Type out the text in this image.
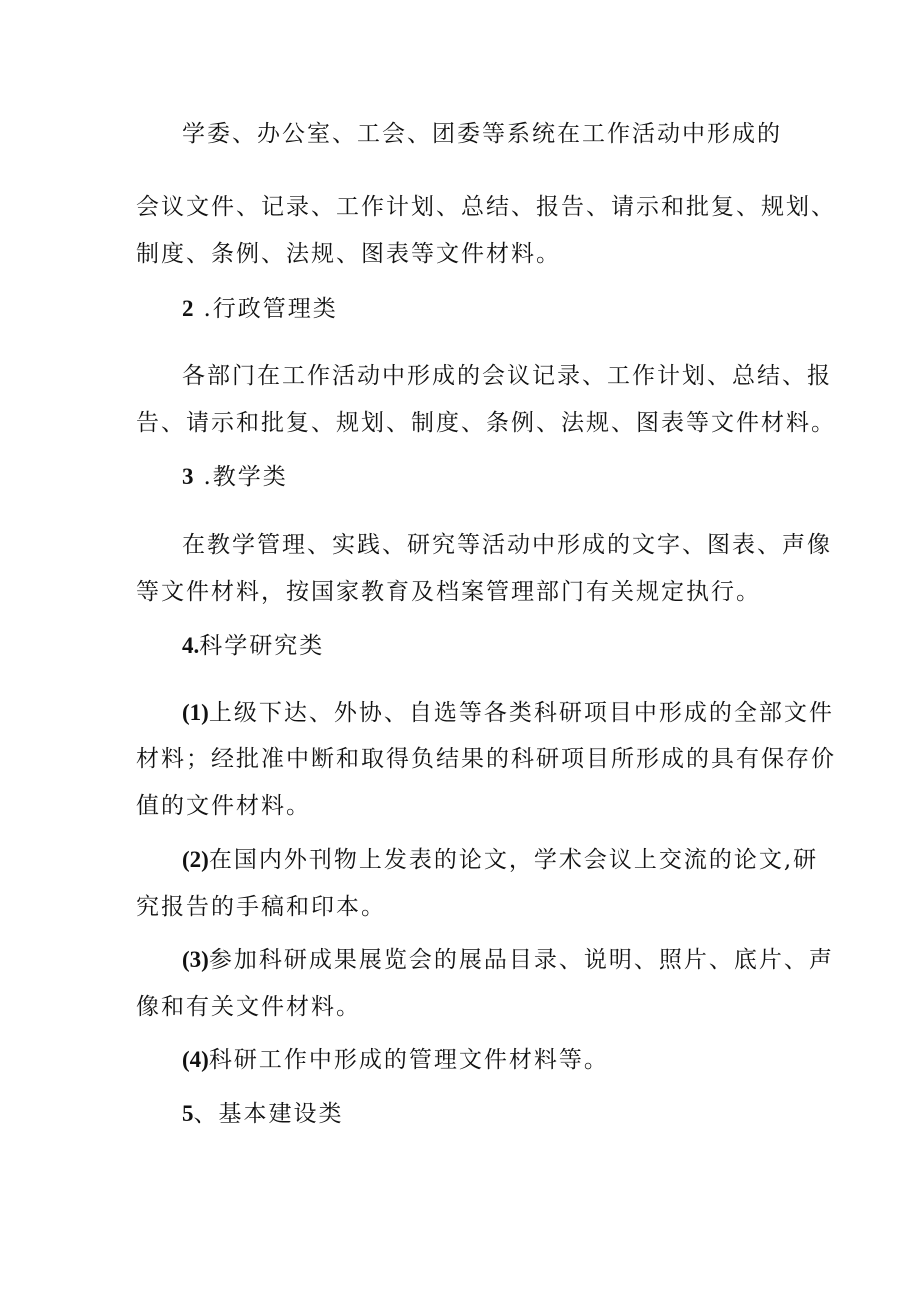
学委、办公室、工会、团委等系统在工作活动中形成的
会议文件、记录、工作计划、总结、报告、请示和批复、规划、
制度、条例、法规、图表等文件材料。
2 .行政管理类
各部门在工作活动中形成的会议记录、工作计划、总结、报
告、请示和批复、规划、制度、条例、法规、图表等文件材料。
3 .教学类
在教学管理、实践、研究等活动中形成的文字、图表、声像
等文件材料，按国家教育及档案管理部门有关规定执行。
4.科学研究类
(1)上级下达、外协、自选等各类科研项目中形成的全部文件
材料；经批准中断和取得负结果的科研项目所形成的具有保存价
值的文件材料。
(2)在国内外刊物上发表的论文，学术会议上交流的论文,研
究报告的手稿和印本。
(3)参加科研成果展览会的展品目录、说明、照片、底片、声
像和有关文件材料。
(4)科研工作中形成的管理文件材料等。
5、基本建设类
